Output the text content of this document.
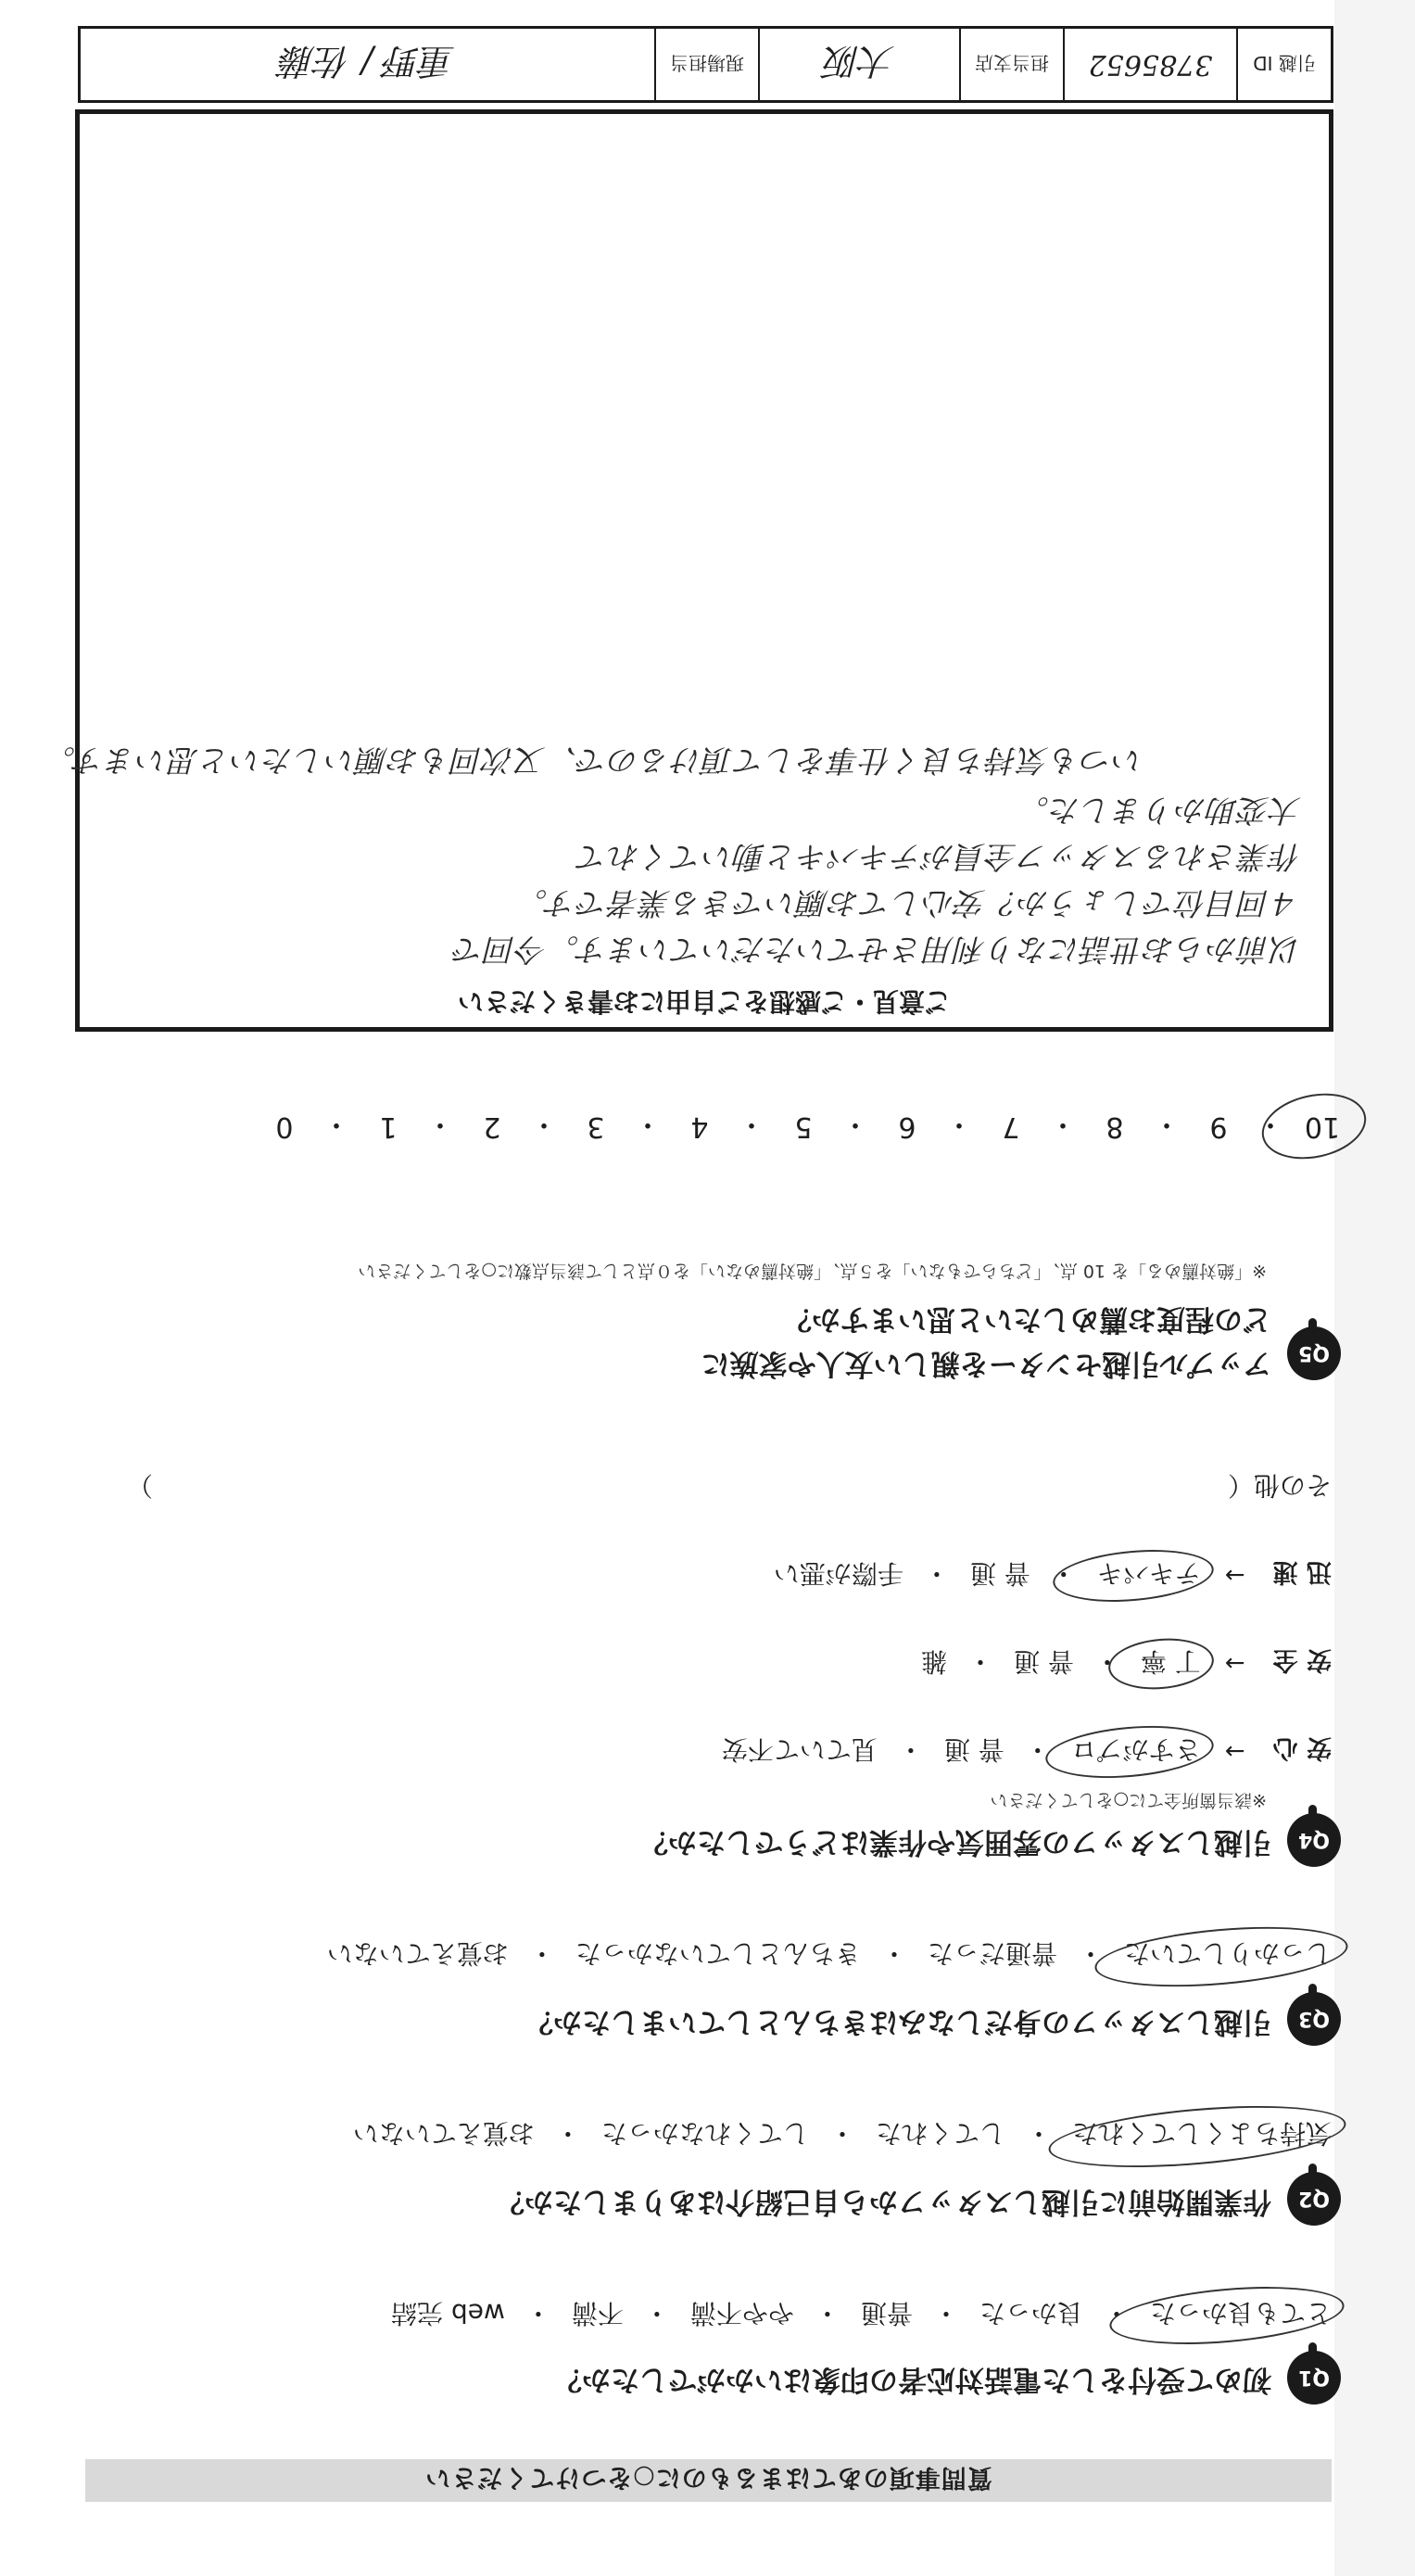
質問事項のあてはまるものに○をつけてください
Q1
初めて受付をした電話対応者の印象はいかがでしたか？
とても良かった
・
良かった
・
普通
・
やや不満
・
不満
・
web 完結
Q2
作業開始前に引越しスタッフから自己紹介はありましたか？
気持ちよくしてくれた
・
してくれた
・
してくれなかった
・
お覚えていない
Q3
引越しスタッフの身だしなみはきちんとしていましたか？
しっかりしていた
・
普通だった
・
きちんとしていなかった
・
お覚えていない
Q4
引越しスタッフの雰囲気や作業はどうでしたか？
※該当箇所全てに○をしてください
安 心
→
さすがプロ
・
普 通
・
見ていて不安
安 全
→
丁 寧
・
普 通
・
雑
迅 速
→
テキパキ
・
普 通
・
手際が悪い
その他（
）
Q5
アップル引越センターを親しい友人や家族に
どの程度お薦めしたいと思いますか？
※「絶対薦める」を 10 点、「どちらでもない」を５点、「絶対薦めない」を０点として該当点数に○をしてください
10
・
9
・
8
・
7
・
6
・
5
・
4
・
3
・
2
・
1
・
0
ご意見・ご感想をご自由にお書きください
以前からお世話になり利用させていただいています。今回で
４回目位でしょうか？安心してお願いできる業者です。
作業されるスタッフ全員がテキパキと動いてくれて
大変助かりました。
いつも気持ち良く仕事をして頂けるので、又次回もお願いしたいと思います。
引越 ID
3785652
担当支店
大阪
現場担当
重野 / 佐藤
